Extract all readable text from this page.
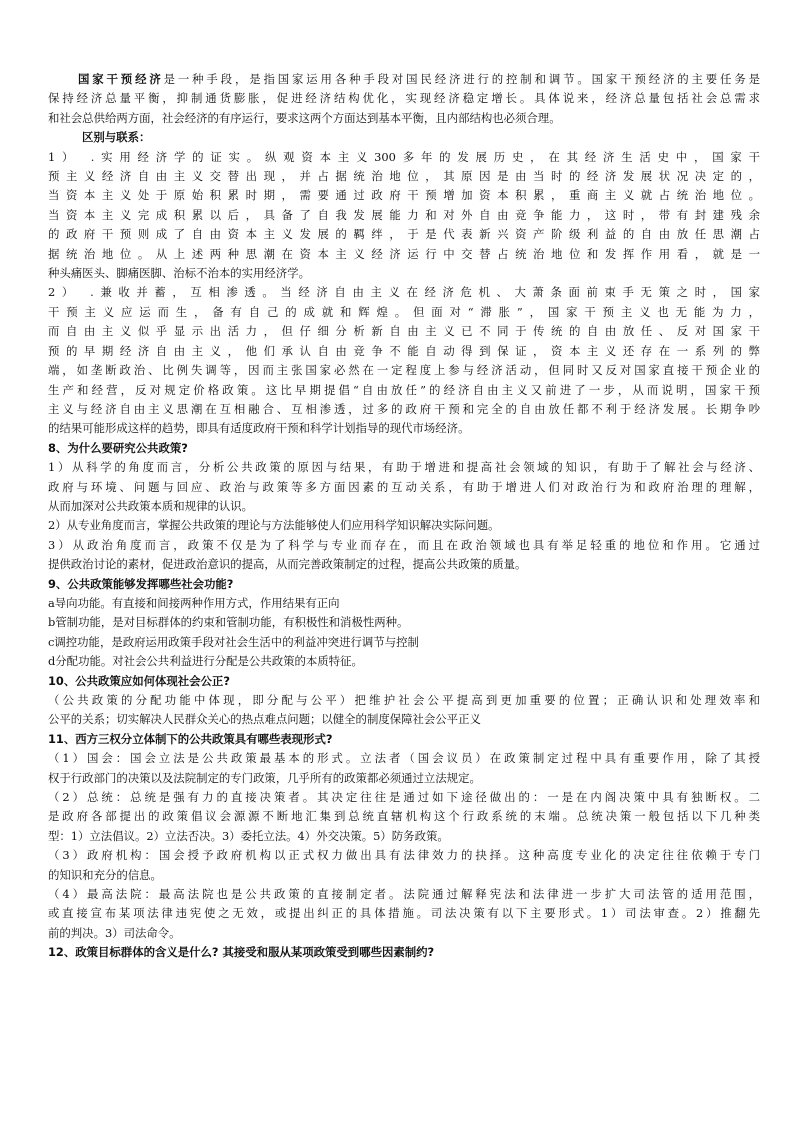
国家干预经济是一种手段，是指国家运用各种手段对国民经济进行的控制和调节。国家干预经济的主要任务是
保持经济总量平衡，抑制通货膨胀，促进经济结构优化，实现经济稳定增长。具体说来，经济总量包括社会总需求
和社会总供给两方面，社会经济的有序运行，要求这两个方面达到基本平衡，且内部结构也必须合理。
区别与联系：
1） .实用经济学的证实。纵观资本主义300多年的发展历史，在其经济生活史中，国家干
预主义经济自由主义交替出现，并占据统治地位，其原因是由当时的经济发展状况决定的，
当资本主义处于原始积累时期，需要通过政府干预增加资本积累，重商主义就占统治地位。
当资本主义完成积累以后，具备了自我发展能力和对外自由竞争能力，这时，带有封建残余
的政府干预则成了自由资本主义发展的羁绊，于是代表新兴资产阶级利益的自由放任思潮占
据统治地位。从上述两种思潮在资本主义经济运行中交替占统治地位和发挥作用看，就是一
种头痛医头、脚痛医脚、治标不治本的实用经济学。
2） .兼收并蓄，互相渗透。当经济自由主义在经济危机、大萧条面前束手无策之时，国家
干预主义应运而生，备有自己的成就和辉煌。但面对“滞胀”，国家干预主义也无能为力，
而自由主义似乎显示出活力，但仔细分析新自由主义已不同于传统的自由放任、反对国家干
预的早期经济自由主义，他们承认自由竞争不能自动得到保证，资本主义还存在一系列的弊
端，如垄断政治、比例失调等，因而主张国家必然在一定程度上参与经济活动，但同时又反对国家直接干预企业的
生产和经营，反对规定价格政策。这比早期提倡“自由放任”的经济自由主义又前进了一步，从而说明，国家干预
主义与经济自由主义思潮在互相融合、互相渗透，过多的政府干预和完全的自由放任都不利于经济发展。长期争吵
的结果可能形成这样的趋势，即具有适度政府干预和科学计划指导的现代市场经济。
8、为什么要研究公共政策?
1）从科学的角度而言，分析公共政策的原因与结果，有助于增进和提高社会领域的知识，有助于了解社会与经济、
政府与环境、问题与回应、政治与政策等多方面因素的互动关系，有助于增进人们对政治行为和政府治理的理解，
从而加深对公共政策本质和规律的认识。
2）从专业角度而言，掌握公共政策的理论与方法能够使人们应用科学知识解决实际问题。
3）从政治角度而言，政策不仅是为了科学与专业而存在，而且在政治领域也具有举足轻重的地位和作用。它通过
提供政治讨论的素材，促进政治意识的提高，从而完善政策制定的过程，提高公共政策的质量。
9、公共政策能够发挥哪些社会功能?
a导向功能。有直接和间接两种作用方式，作用结果有正向
b管制功能，是对目标群体的约束和管制功能，有积极性和消极性两种。
c调控功能，是政府运用政策手段对社会生活中的利益冲突进行调节与控制
d分配功能。对社会公共利益进行分配是公共政策的本质特征。
10、公共政策应如何体现社会公正?
（公共政策的分配功能中体现，即分配与公平）把维护社会公平提高到更加重要的位置；正确认识和处理效率和
公平的关系；切实解决人民群众关心的热点难点问题；以健全的制度保障社会公平正义
11、西方三权分立体制下的公共政策具有哪些表现形式?
（1）国会：国会立法是公共政策最基本的形式。立法者（国会议员）在政策制定过程中具有重要作用，除了其授
权于行政部门的决策以及法院制定的专门政策，几乎所有的政策都必须通过立法规定。
（2）总统：总统是强有力的直接决策者。其决定往往是通过如下途径做出的：一是在内阁决策中具有独断权。二
是政府各部提出的政策倡议会源源不断地汇集到总统直辖机构这个行政系统的末端。总统决策一般包括以下几种类
型：1）立法倡议。2）立法否决。3）委托立法。4）外交决策。5）防务政策。
（3）政府机构：国会授予政府机构以正式权力做出具有法律效力的抉择。这种高度专业化的决定往往依赖于专门
的知识和充分的信息。
（4）最高法院：最高法院也是公共政策的直接制定者。法院通过解释宪法和法律进一步扩大司法管的适用范围，
或直接宣布某项法律违宪使之无效，或提出纠正的具体措施。司法决策有以下主要形式。1）司法审查。2）推翻先
前的判决。3）司法命令。
12、政策目标群体的含义是什么? 其接受和服从某项政策受到哪些因素制约?
